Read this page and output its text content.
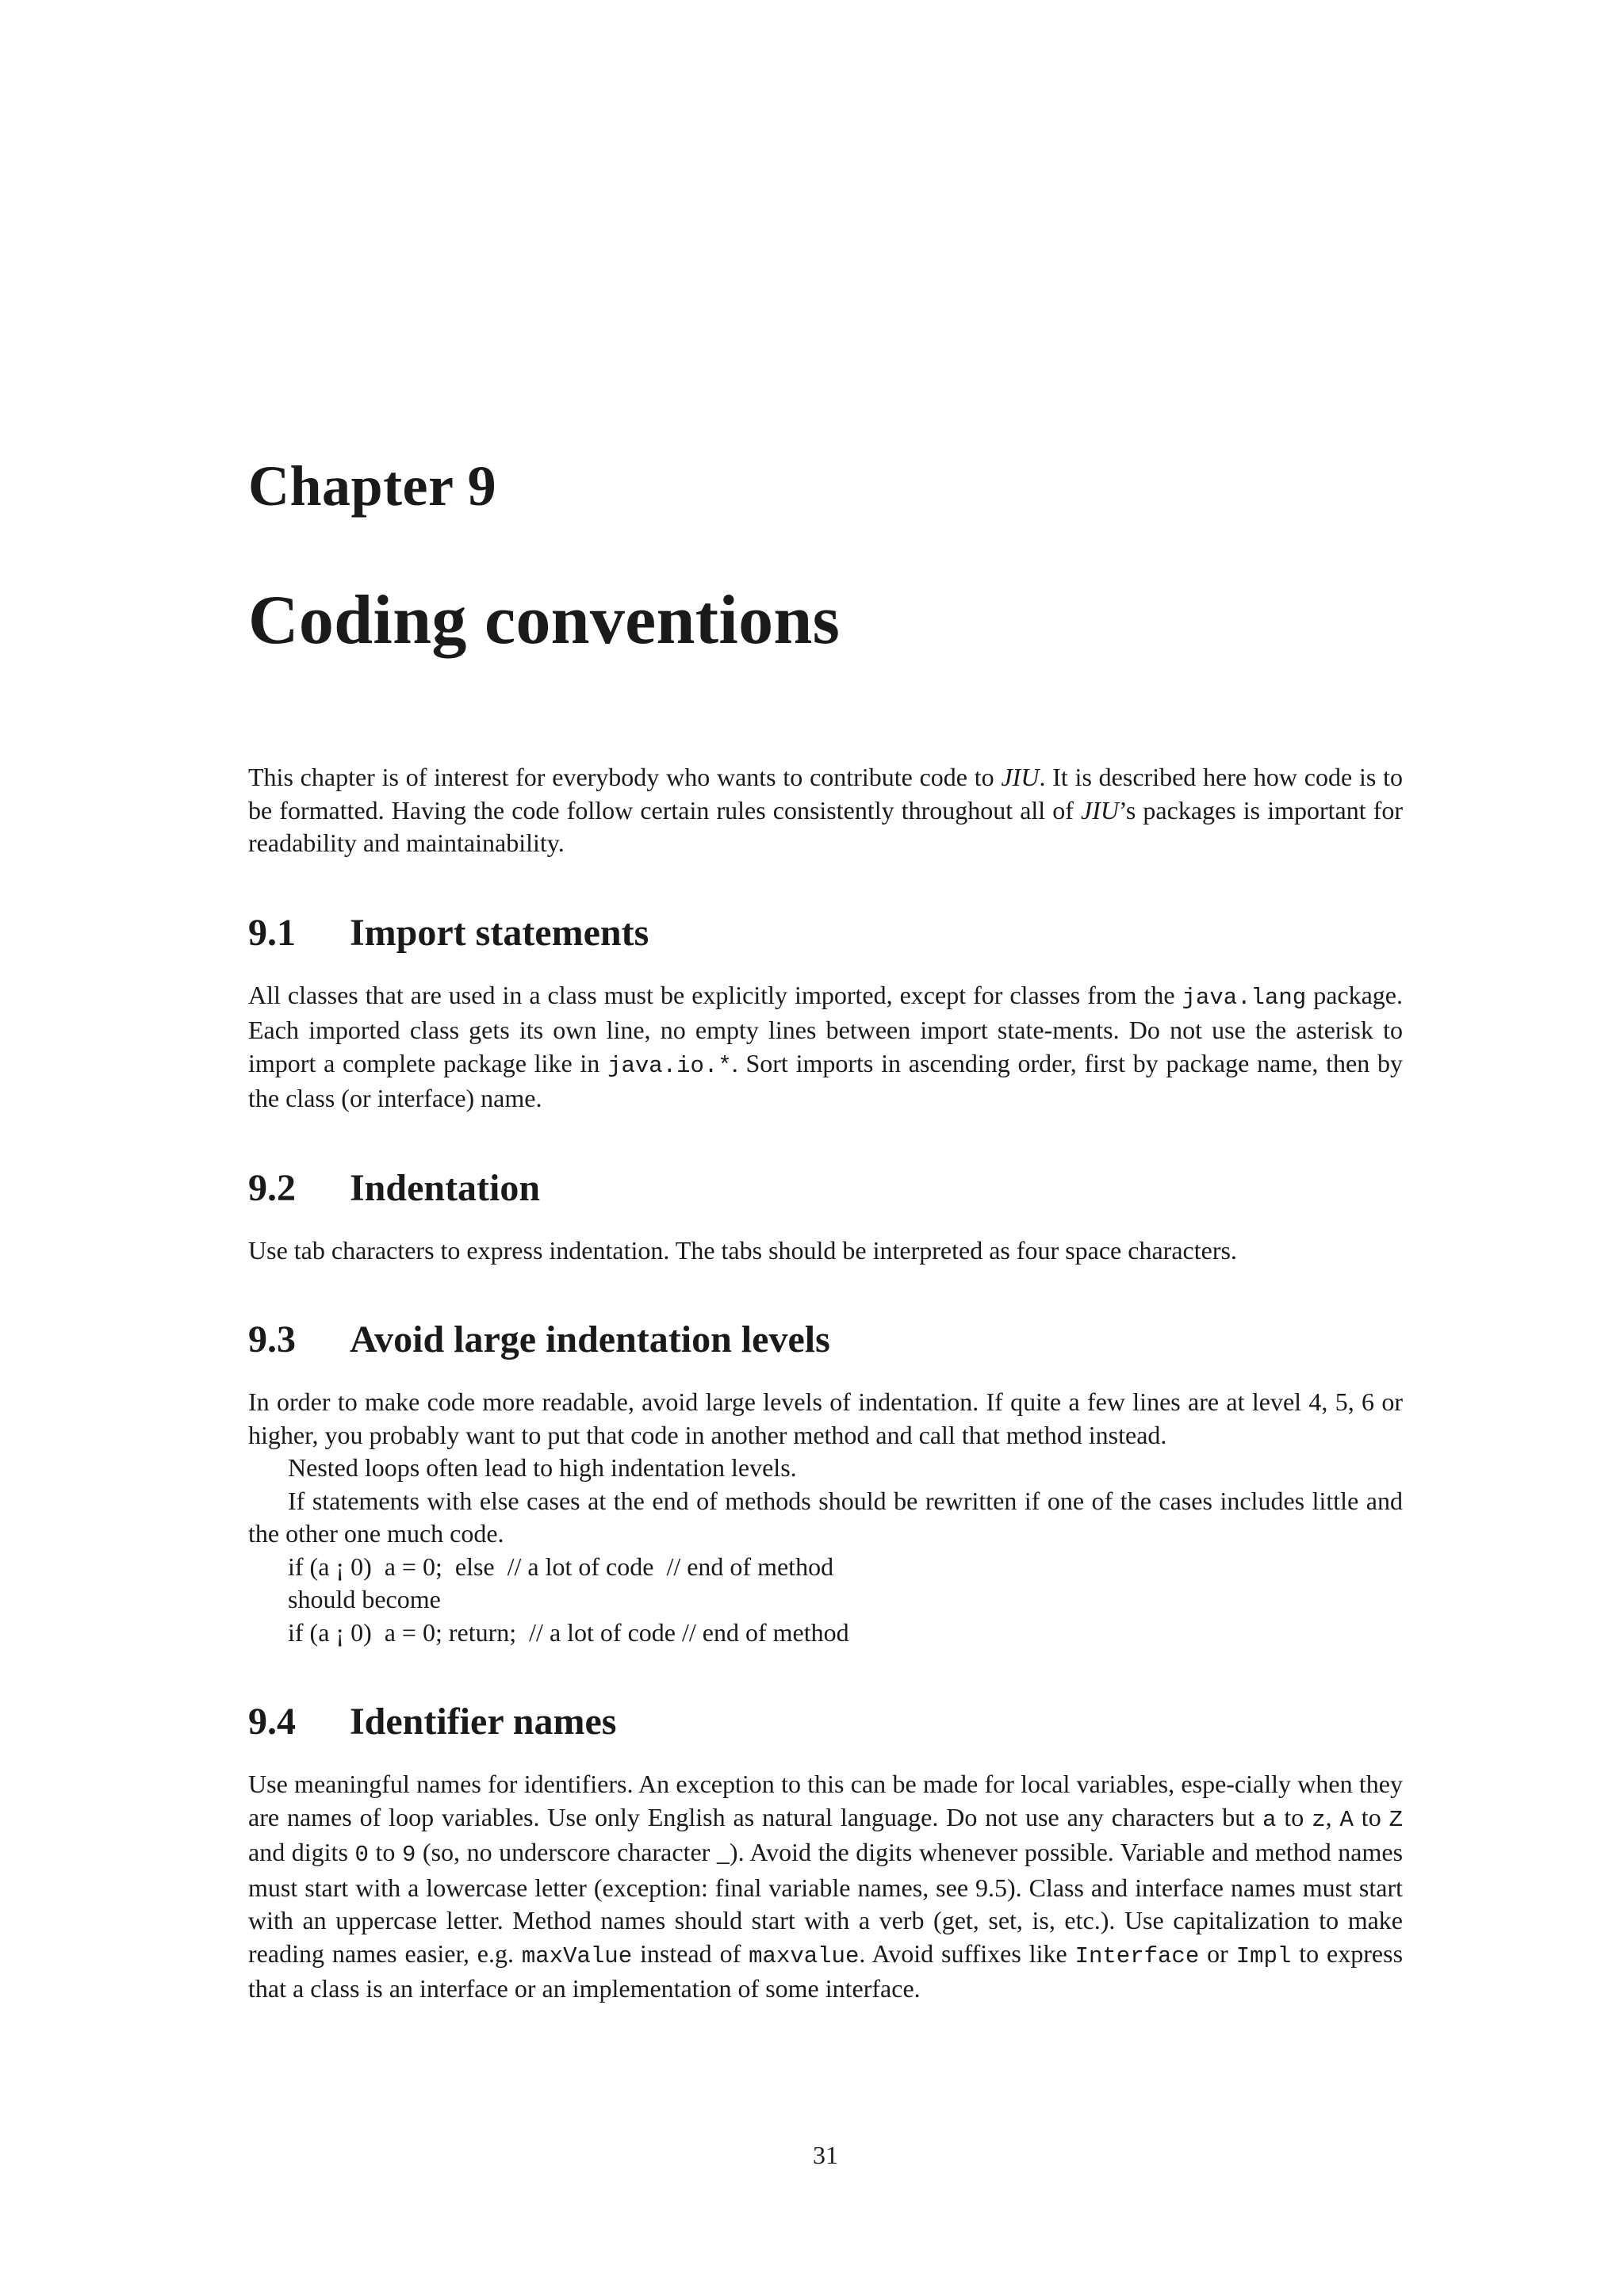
Chapter 9
Coding conventions

This chapter is of interest for everybody who wants to contribute code to JIU. It is described here how code is to be formatted. Having the code follow certain rules consistently throughout all of JIU’s packages is important for readability and maintainability.

9.1 Import statements

All classes that are used in a class must be explicitly imported, except for classes from the java.lang package. Each imported class gets its own line, no empty lines between import state-ments. Do not use the asterisk to import a complete package like in java.io.*. Sort imports in ascending order, first by package name, then by the class (or interface) name.

9.2 Indentation

Use tab characters to express indentation. The tabs should be interpreted as four space characters.

9.3 Avoid large indentation levels

In order to make code more readable, avoid large levels of indentation. If quite a few lines are at level 4, 5, 6 or higher, you probably want to put that code in another method and call that method instead.

Nested loops often lead to high indentation levels.

If statements with else cases at the end of methods should be rewritten if one of the cases includes little and the other one much code.

if (a ¡ 0)  a = 0;  else  // a lot of code  // end of method

should become

if (a ¡ 0)  a = 0; return;  // a lot of code // end of method

9.4 Identifier names

Use meaningful names for identifiers. An exception to this can be made for local variables, espe-cially when they are names of loop variables. Use only English as natural language. Do not use any characters but a to z, A to Z and digits 0 to 9 (so, no underscore character _). Avoid the digits whenever possible. Variable and method names must start with a lowercase letter (exception: final variable names, see 9.5). Class and interface names must start with an uppercase letter. Method names should start with a verb (get, set, is, etc.). Use capitalization to make reading names easier, e.g. maxValue instead of maxvalue. Avoid suffixes like Interface or Impl to express that a class is an interface or an implementation of some interface.

31
